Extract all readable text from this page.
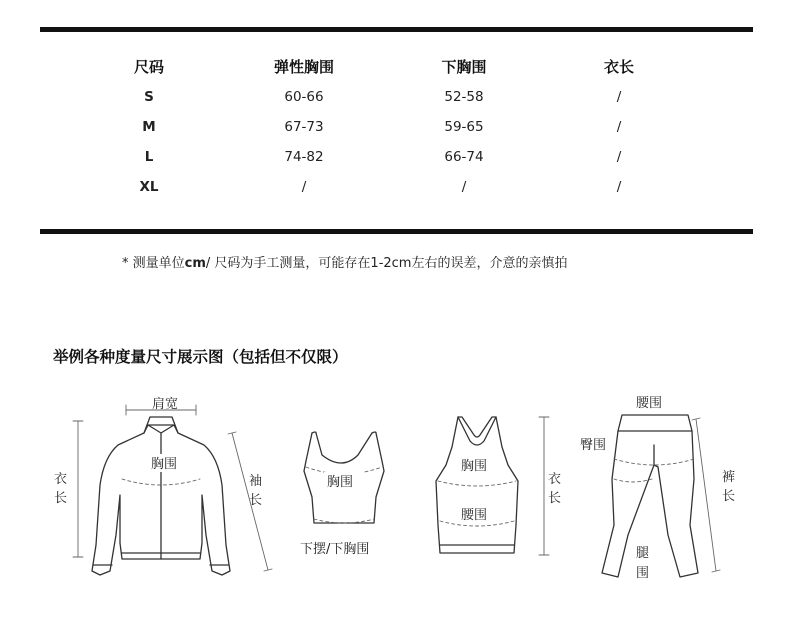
尺码	弹性胸围	下胸围	衣长
S	60-66	52-58	/
M	67-73	59-65	/
L	74-82	66-74	/
XL	/	/	/
* 测量单位cm/ 尺码为手工测量，可能存在1-2cm左右的误差，介意的亲慎拍
举例各种度量尺寸展示图（包括但不仅限）
肩宽
胸围
衣
长
袖
长
胸围
下摆/下胸围
胸围
腰围
衣
长
腰围
臀围
裤
长
腿
围
